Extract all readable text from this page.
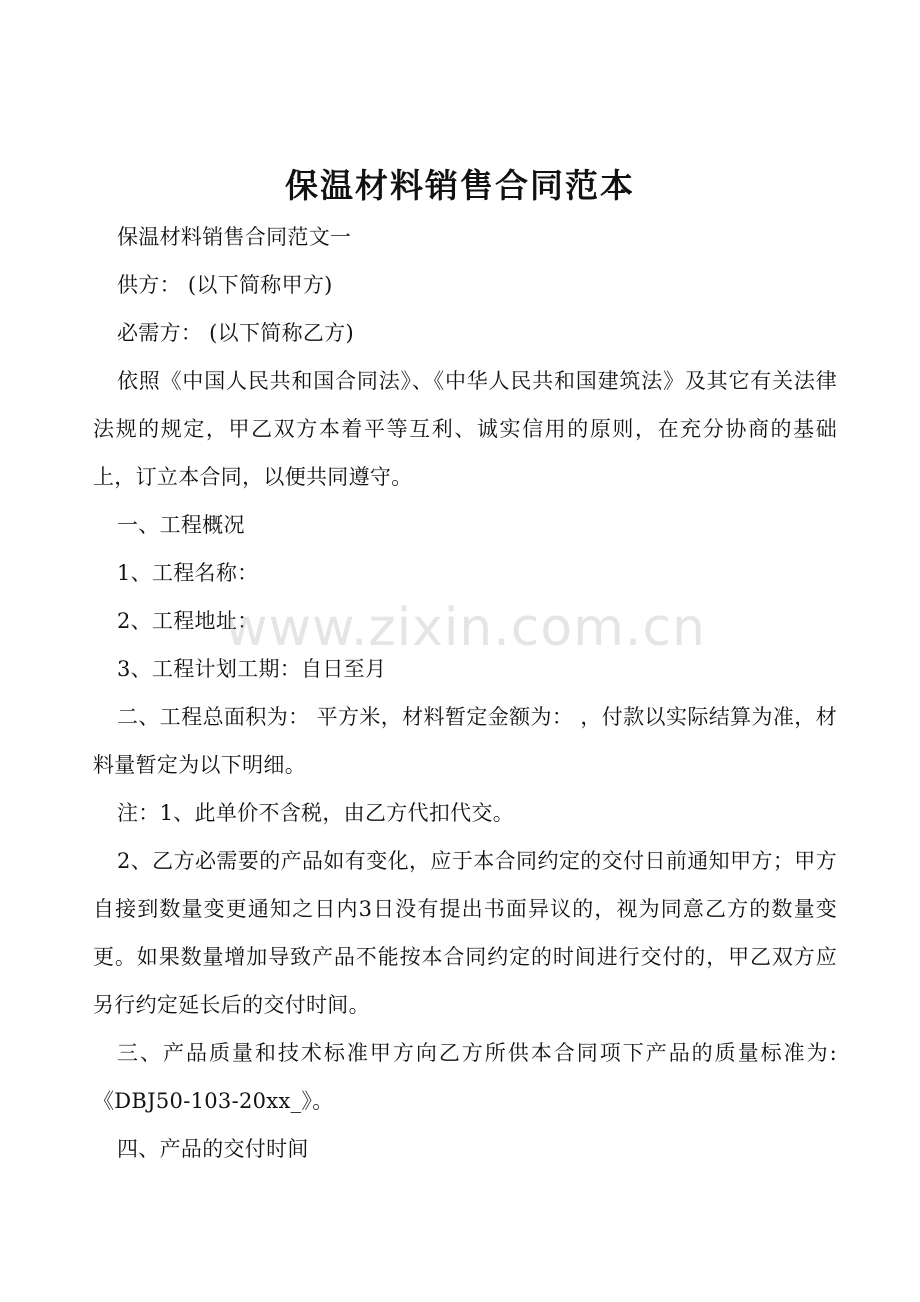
保温材料销售合同范本

保温材料销售合同范文一

供方： (以下简称甲方)

必需方： (以下简称乙方)

依照《中国人民共和国合同法》、《中华人民共和国建筑法》及其它有关法律法规的规定，甲乙双方本着平等互利、诚实信用的原则，在充分协商的基础上，订立本合同，以便共同遵守。

一、工程概况

1、工程名称：

2、工程地址：

3、工程计划工期：自日至月

二、工程总面积为： 平方米，材料暂定金额为： ，付款以实际结算为准，材料量暂定为以下明细。

注：1、此单价不含税，由乙方代扣代交。

2、乙方必需要的产品如有变化，应于本合同约定的交付日前通知甲方；甲方自接到数量变更通知之日内3日没有提出书面异议的，视为同意乙方的数量变更。如果数量增加导致产品不能按本合同约定的时间进行交付的，甲乙双方应另行约定延长后的交付时间。

三、产品质量和技术标准甲方向乙方所供本合同项下产品的质量标准为:《DBJ50-103-20xx_》。

四、产品的交付时间

www.zixin.com.cn
